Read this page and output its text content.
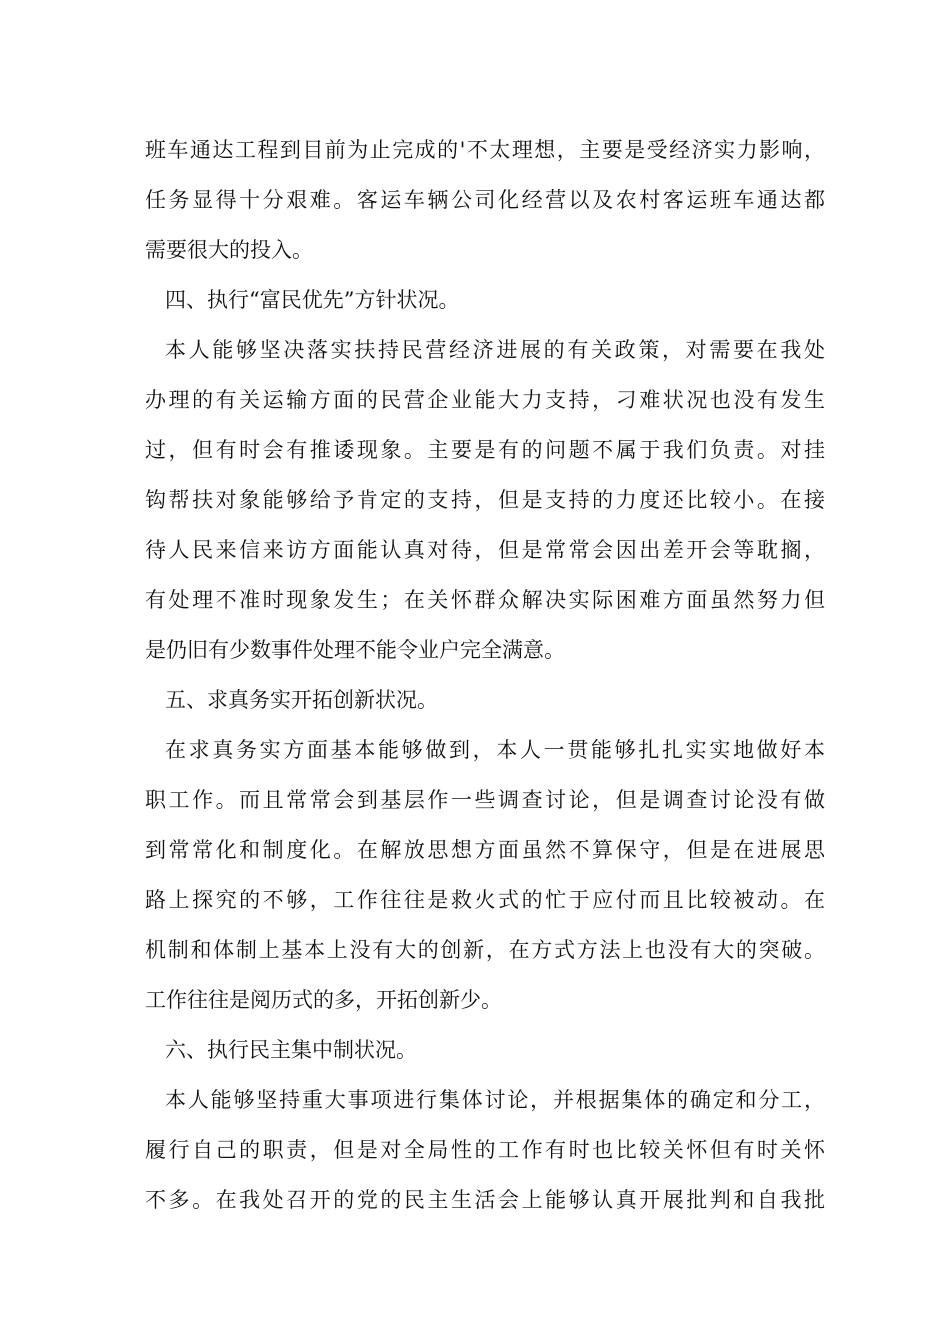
班车通达工程到目前为止完成的'不太理想，主要是受经济实力影响，
任务显得十分艰难。客运车辆公司化经营以及农村客运班车通达都
需要很大的投入。
四、执行“富民优先”方针状况。
本人能够坚决落实扶持民营经济进展的有关政策，对需要在我处
办理的有关运输方面的民营企业能大力支持，刁难状况也没有发生
过，但有时会有推诿现象。主要是有的问题不属于我们负责。对挂
钩帮扶对象能够给予肯定的支持，但是支持的力度还比较小。在接
待人民来信来访方面能认真对待，但是常常会因出差开会等耽搁，
有处理不准时现象发生；在关怀群众解决实际困难方面虽然努力但
是仍旧有少数事件处理不能令业户完全满意。
五、求真务实开拓创新状况。
在求真务实方面基本能够做到，本人一贯能够扎扎实实地做好本
职工作。而且常常会到基层作一些调查讨论，但是调查讨论没有做
到常常化和制度化。在解放思想方面虽然不算保守，但是在进展思
路上探究的不够，工作往往是救火式的忙于应付而且比较被动。在
机制和体制上基本上没有大的创新，在方式方法上也没有大的突破。
工作往往是阅历式的多，开拓创新少。
六、执行民主集中制状况。
本人能够坚持重大事项进行集体讨论，并根据集体的确定和分工，
履行自己的职责，但是对全局性的工作有时也比较关怀但有时关怀
不多。在我处召开的党的民主生活会上能够认真开展批判和自我批
